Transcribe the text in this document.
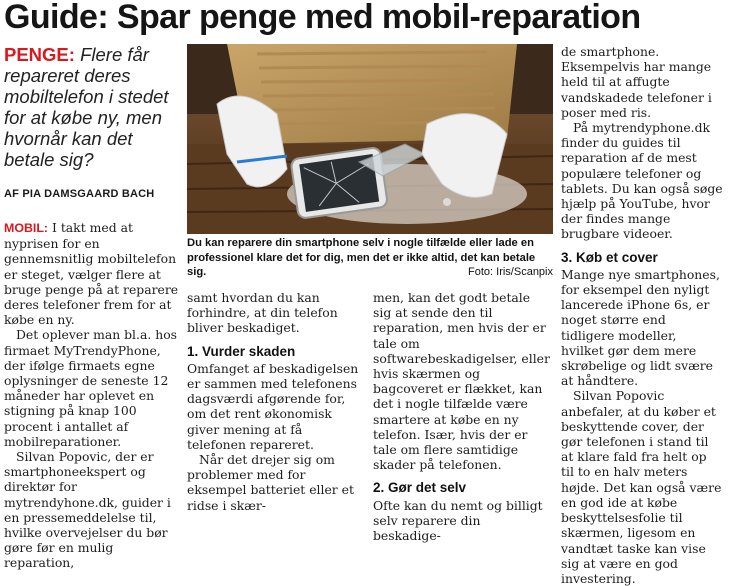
Guide: Spar penge med mobil-reparation
PENGE: Flere får repareret deres mobiltelefon i stedet for at købe ny, men hvornår kan det betale sig?
AF PIA DAMSGAARD BACH
Du kan reparere din smartphone selv i nogle tilfælde eller lade en professionel klare det for dig, men det er ikke altid, det kan betale sig.	Foto: Iris/Scanpix

MOBIL: I takt med at nyprisen for en gennemsnitlig mobiltelefon er steget, vælger flere at bruge penge på at reparere deres telefoner frem for at købe en ny.

Det oplever man bl.a. hos firmaet MyTrendyPhone, der ifølge firmaets egne oplysninger de seneste 12 måneder har oplevet en stigning på knap 100 procent i antallet af mobilreparationer.

Silvan Popovic, der er smartphoneekspert og direktør for mytrendyhone.dk, guider i en pressemeddelelse til, hvilke overvejelser du bør gøre før en mulig reparation,

samt hvordan du kan forhindre, at din telefon bliver beskadiget.

1. Vurder skaden

Omfanget af beskadigelsen er sammen med telefonens dagsværdi afgørende for, om det rent økonomisk giver mening at få telefonen repareret.

Når det drejer sig om problemer med for eksempel batteriet eller et ridse i skær-

men, kan det godt betale sig at sende den til reparation, men hvis der er tale om softwarebeskadigelser, eller hvis skærmen og bagcoveret er flækket, kan det i nogle tilfælde være smartere at købe en ny telefon. Især, hvis der er tale om flere samtidige skader på telefonen.

2. Gør det selv

Ofte kan du nemt og billigt selv reparere din beskadige-

de smartphone. Eksempelvis har mange held til at affugte vandskadede telefoner i poser med ris.

På mytrendyphone.dk finder du guides til reparation af de mest populære telefoner og tablets. Du kan også søge hjælp på YouTube, hvor der findes mange brugbare videoer.

3. Køb et cover

Mange nye smartphones, for eksempel den nyligt lancerede iPhone 6s, er noget større end tidligere modeller, hvilket gør dem mere skrøbelige og lidt svære at håndtere.

Silvan Popovic anbefaler, at du køber et beskyttende cover, der gør telefonen i stand til at klare fald fra helt op til to en halv meters højde. Det kan også være en god ide at købe beskyttelsesfolie til skærmen, ligesom en vandtæt taske kan vise sig at være en god investering.
